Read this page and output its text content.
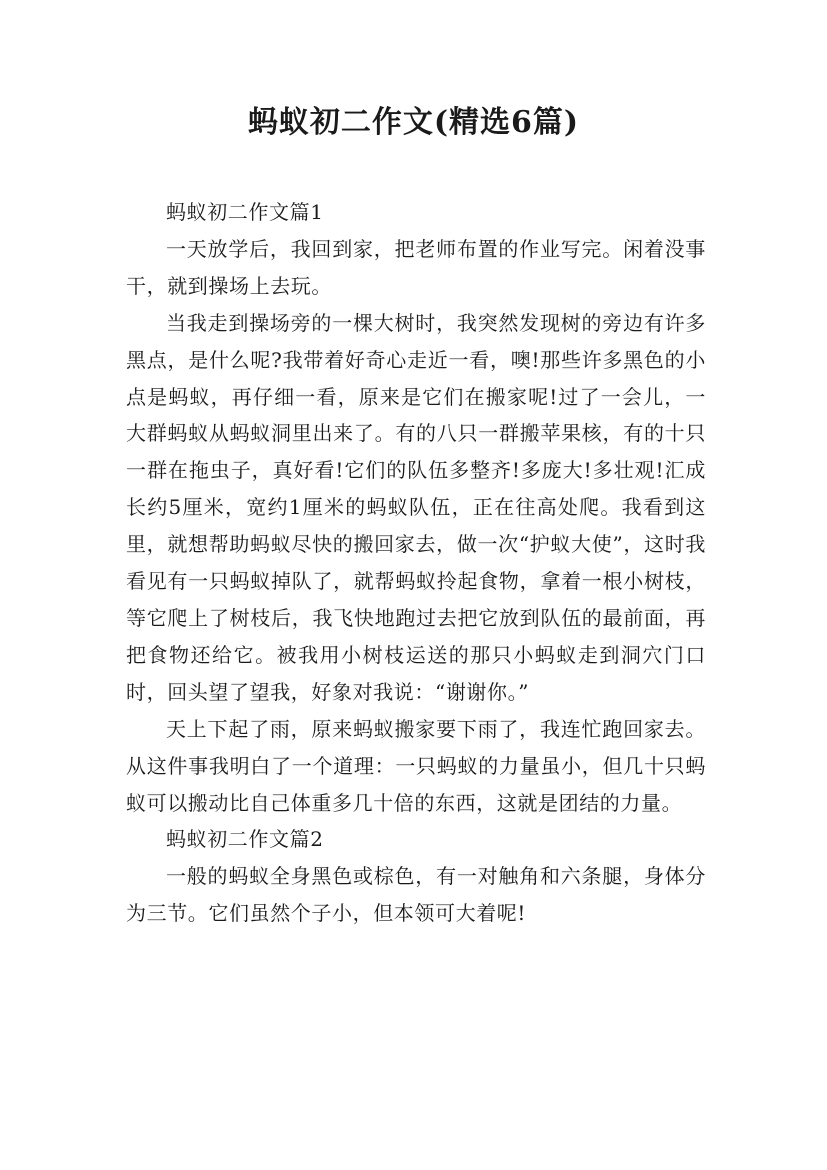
蚂蚁初二作文(精选6篇)

蚂蚁初二作文篇1

一天放学后，我回到家，把老师布置的作业写完。闲着没事干，就到操场上去玩。

当我走到操场旁的一棵大树时，我突然发现树的旁边有许多黑点，是什么呢?我带着好奇心走近一看，噢!那些许多黑色的小点是蚂蚁，再仔细一看，原来是它们在搬家呢!过了一会儿，一大群蚂蚁从蚂蚁洞里出来了。有的八只一群搬苹果核，有的十只一群在拖虫子，真好看!它们的队伍多整齐!多庞大!多壮观!汇成长约5厘米，宽约1厘米的蚂蚁队伍，正在往高处爬。我看到这里，就想帮助蚂蚁尽快的搬回家去，做一次“护蚁大使”，这时我看见有一只蚂蚁掉队了，就帮蚂蚁拎起食物，拿着一根小树枝，等它爬上了树枝后，我飞快地跑过去把它放到队伍的最前面，再把食物还给它。被我用小树枝运送的那只小蚂蚁走到洞穴门口时，回头望了望我，好象对我说：“谢谢你。”

天上下起了雨，原来蚂蚁搬家要下雨了，我连忙跑回家去。从这件事我明白了一个道理：一只蚂蚁的力量虽小，但几十只蚂蚁可以搬动比自己体重多几十倍的东西，这就是团结的力量。

蚂蚁初二作文篇2

一般的蚂蚁全身黑色或棕色，有一对触角和六条腿，身体分为三节。它们虽然个子小，但本领可大着呢!
